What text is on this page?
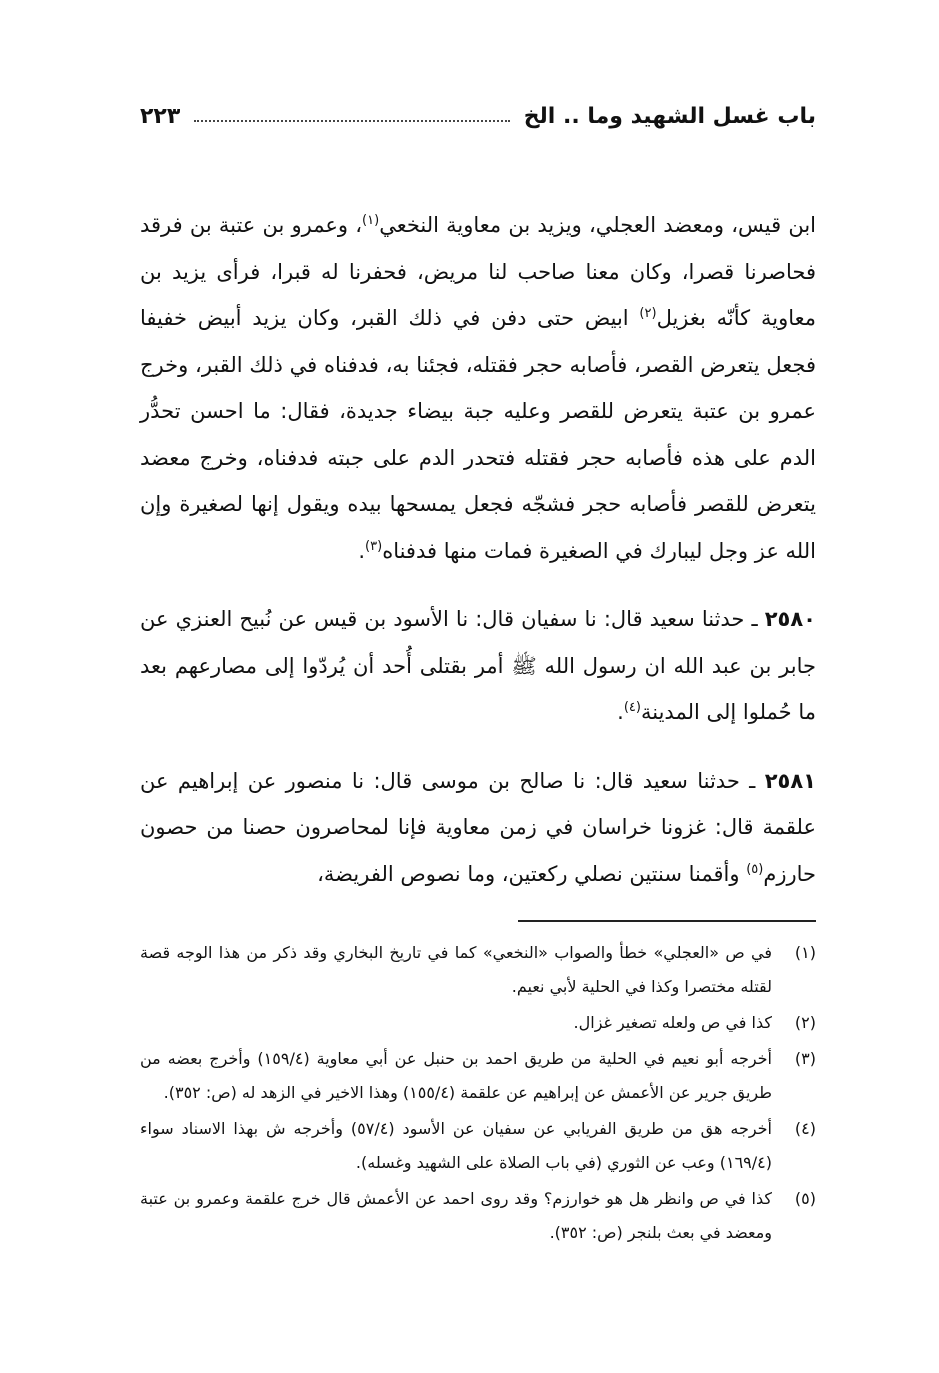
باب غسل الشهيد وما .. الخ
٢٢٣

ابن قيس، ومعضد العجلي، ويزيد بن معاوية النخعي$^{(١)}$، وعمرو بن عتبة بن فرقد فحاصرنا قصرا، وكان معنا صاحب لنا مريض، فحفرنا له قبرا، فرأى يزيد بن معاوية كأنّه بغزيل$^{(٢)}$ ابيض حتى دفن في ذلك القبر، وكان يزيد أبيض خفيفا فجعل يتعرض القصر، فأصابه حجر فقتله، فجئنا به، فدفناه في ذلك القبر، وخرج عمرو بن عتبة يتعرض للقصر وعليه جبة بيضاء جديدة، فقال: ما احسن تحدُّر الدم على هذه فأصابه حجر فقتله فتحدر الدم على جبته فدفناه، وخرج معضد يتعرض للقصر فأصابه حجر فشجّه فجعل يمسحها بيده ويقول إنها لصغيرة وإن الله عز وجل ليبارك في الصغيرة فمات منها فدفناه$^{(٣)}$.

٢٥٨٠ ـ حدثنا سعيد قال: نا سفيان قال: نا الأسود بن قيس عن نُبيح العنزي عن جابر بن عبد الله ان رسول الله ﷺ أمر بقتلى أُحد أن يُردّوا إلى مصارعهم بعد ما حُملوا إلى المدينة$^{(٤)}$.

٢٥٨١ ـ حدثنا سعيد قال: نا صالح بن موسى قال: نا منصور عن إبراهيم عن علقمة قال: غزونا خراسان في زمن معاوية فإنا لمحاصرون حصنا من حصون حارزم$^{(٥)}$ وأقمنا سنتين نصلي ركعتين، وما نصوص الفريضة،

(١)
في ص «العجلي» خطأ والصواب «النخعي» كما في تاريخ البخاري وقد ذكر من هذا الوجه قصة لقتله مختصرا وكذا في الحلية لأبي نعيم.
(٢)
كذا في ص ولعله تصغير غزال.
(٣)
أخرجه أبو نعيم في الحلية من طريق احمد بن حنبل عن أبي معاوية (١٥٩/٤) وأخرج بعضه من طريق جرير عن الأعمش عن إبراهيم عن علقمة (١٥٥/٤) وهذا الاخير في الزهد له (ص: ٣٥٢).
(٤)
أخرجه هق من طريق الفريابي عن سفيان عن الأسود (٥٧/٤) وأخرجه ش بهذا الاسناد سواء (١٦٩/٤) وعب عن الثوري (في باب الصلاة على الشهيد وغسله).
(٥)
كذا في ص وانظر هل هو خوارزم؟ وقد روى احمد عن الأعمش قال خرج علقمة وعمرو بن عتبة ومعضد في بعث بلنجر (ص: ٣٥٢).
